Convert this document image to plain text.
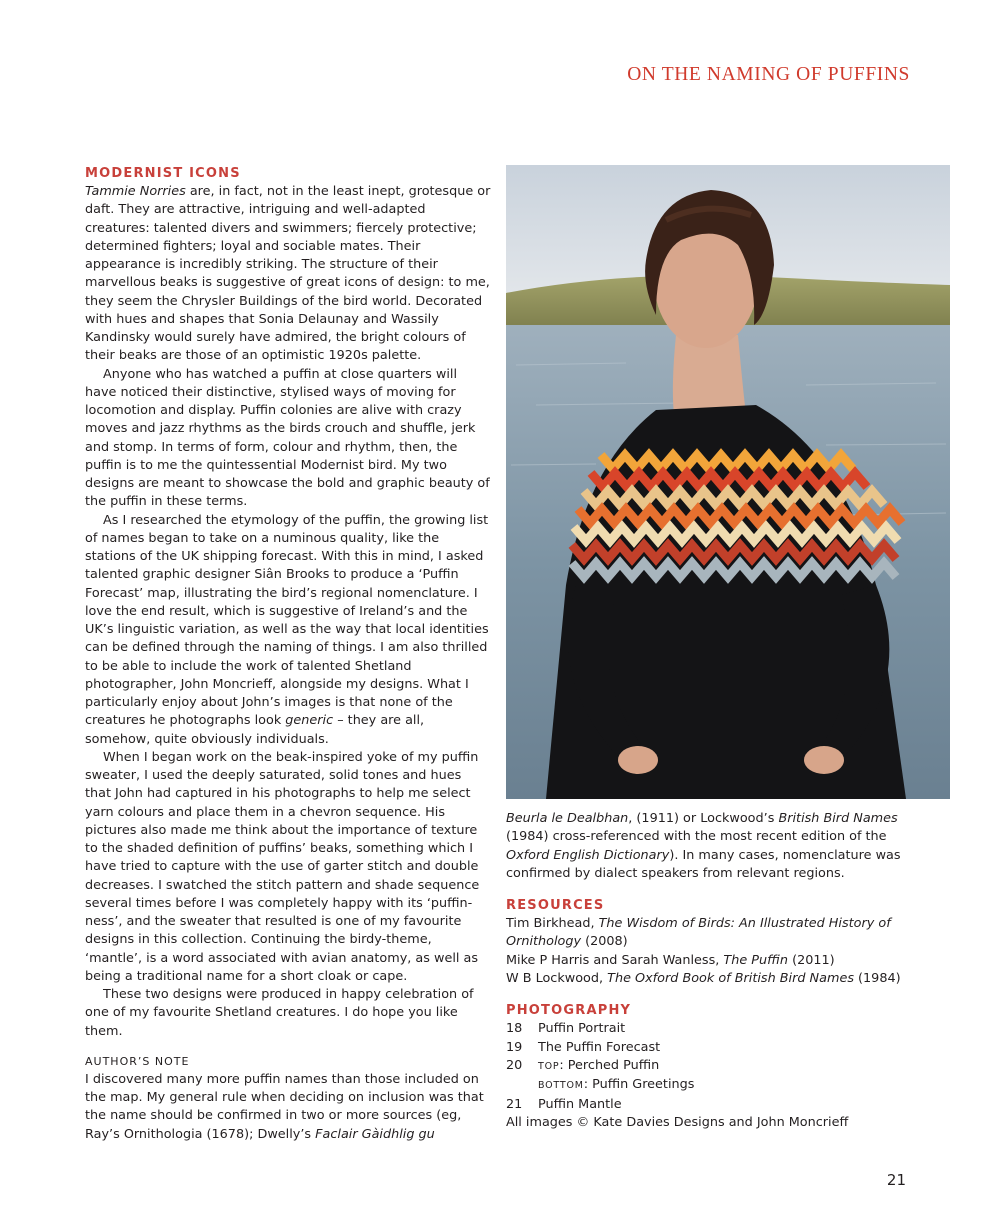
ON THE NAMING OF PUFFINS
MODERNIST ICONS

Tammie Norries are, in fact, not in the least inept, grotesque or daft. They are attractive, intriguing and well-adapted creatures: talented divers and swimmers; fiercely protective; determined fighters; loyal and sociable mates. Their appearance is incredibly striking. The structure of their marvellous beaks is suggestive of great icons of design: to me, they seem the Chrysler Buildings of the bird world. Decorated with hues and shapes that Sonia Delaunay and Wassily Kandinsky would surely have admired, the bright colours of their beaks are those of an optimistic 1920s palette.

Anyone who has watched a puffin at close quarters will have noticed their distinctive, stylised ways of moving for locomotion and display. Puffin colonies are alive with crazy moves and jazz rhythms as the birds crouch and shuffle, jerk and stomp. In terms of form, colour and rhythm, then, the puffin is to me the quintessential Modernist bird. My two designs are meant to showcase the bold and graphic beauty of the puffin in these terms.

As I researched the etymology of the puffin, the growing list of names began to take on a numinous quality, like the stations of the UK shipping forecast. With this in mind, I asked talented graphic designer Siân Brooks to produce a ‘Puffin Forecast’ map, illustrating the bird’s regional nomenclature. I love the end result, which is suggestive of Ireland’s and the UK’s linguistic variation, as well as the way that local identities can be defined through the naming of things. I am also thrilled to be able to include the work of talented Shetland photographer, John Moncrieff, alongside my designs. What I particularly enjoy about John’s images is that none of the creatures he photographs look generic – they are all, somehow, quite obviously individuals.

When I began work on the beak-inspired yoke of my puffin sweater, I used the deeply saturated, solid tones and hues that John had captured in his photographs to help me select yarn colours and place them in a chevron sequence. His pictures also made me think about the importance of texture to the shaded definition of puffins’ beaks, something which I have tried to capture with the use of garter stitch and double decreases. I swatched the stitch pattern and shade sequence several times before I was completely happy with its ‘puffin-ness’, and the sweater that resulted is one of my favourite designs in this collection. Continuing the birdy-theme, ‘mantle’, is a word associated with avian anatomy, as well as being a traditional name for a short cloak or cape.

These two designs were produced in happy celebration of one of my favourite Shetland creatures. I do hope you like them.

AUTHOR’S NOTE

I discovered many more puffin names than those included on the map. My general rule when deciding on inclusion was that the name should be confirmed in two or more sources (eg, Ray’s Ornithologia (1678); Dwelly’s Faclair Gàidhlig gu

Beurla le Dealbhan, (1911) or Lockwood’s British Bird Names (1984) cross-referenced with the most recent edition of the Oxford English Dictionary). In many cases, nomenclature was confirmed by dialect speakers from relevant regions.

RESOURCES

Tim Birkhead, The Wisdom of Birds: An Illustrated History of Ornithology (2008)

Mike P Harris and Sarah Wanless, The Puffin (2011)

W B Lockwood, The Oxford Book of British Bird Names (1984)

PHOTOGRAPHY
18	Puffin Portrait
19	The Puffin Forecast
20	TOP: Perched Puffin
BOTTOM: Puffin Greetings
21	Puffin Mantle

All images © Kate Davies Designs and John Moncrieff

21
